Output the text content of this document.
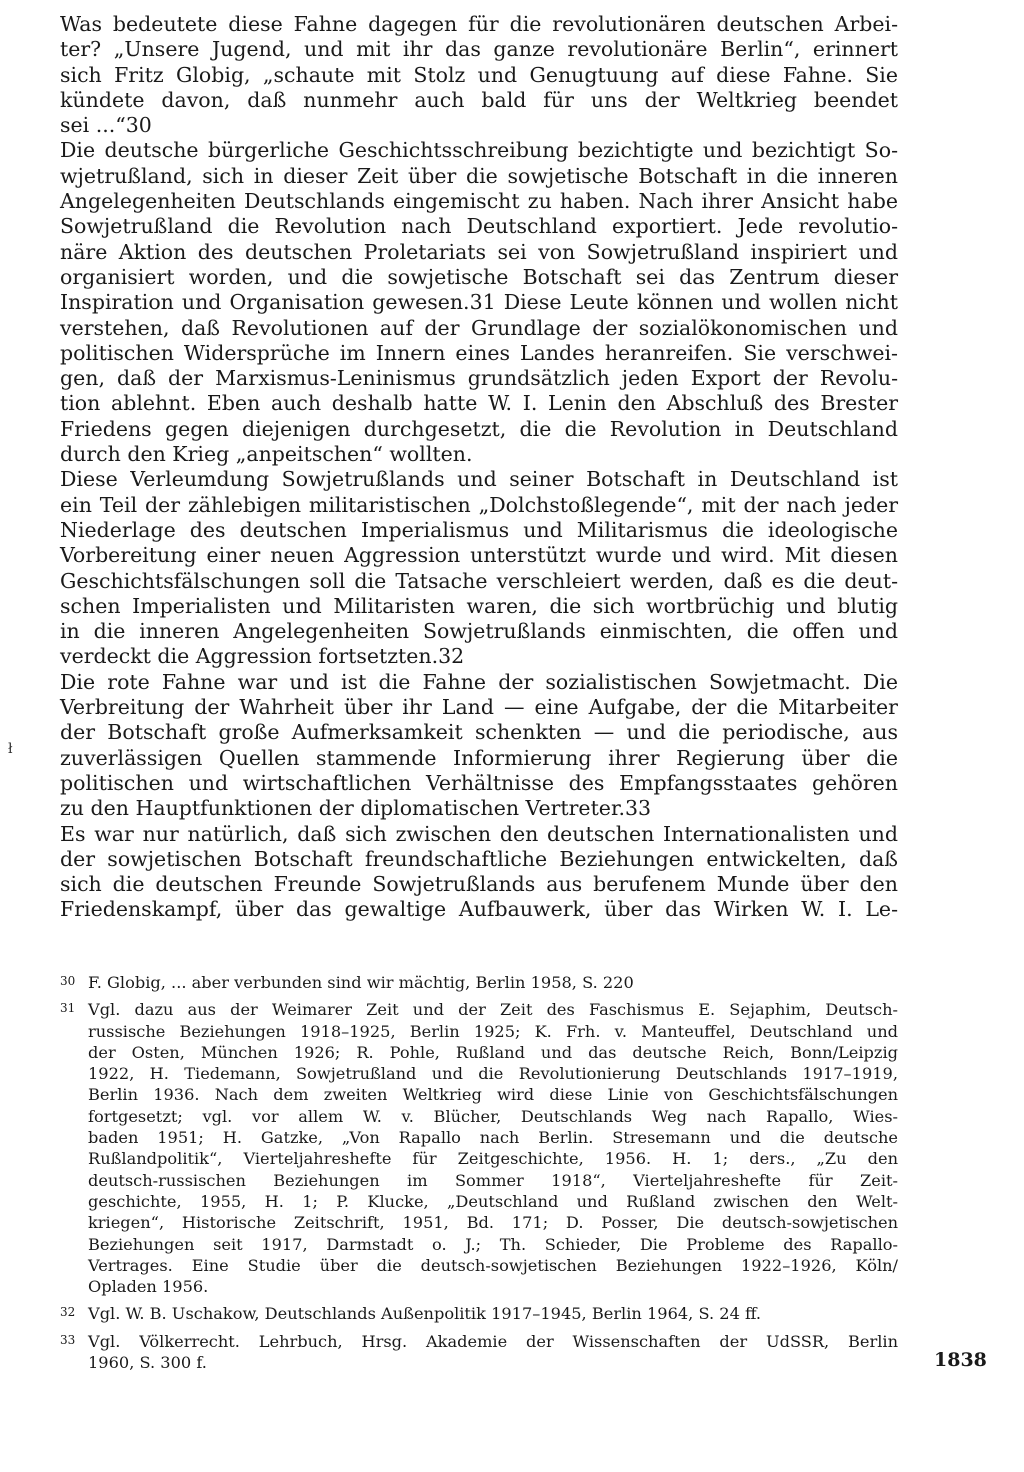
Was bedeutete diese Fahne dagegen für die revolutionären deutschen Arbei-
ter? „Unsere Jugend, und mit ihr das ganze revolutionäre Berlin“, erinnert
sich Fritz Globig, „schaute mit Stolz und Genugtuung auf diese Fahne. Sie
kündete davon, daß nunmehr auch bald für uns der Weltkrieg beendet
sei ...“30
Die deutsche bürgerliche Geschichtsschreibung bezichtigte und bezichtigt So-
wjetrußland, sich in dieser Zeit über die sowjetische Botschaft in die inneren
Angelegenheiten Deutschlands eingemischt zu haben. Nach ihrer Ansicht habe
Sowjetrußland die Revolution nach Deutschland exportiert. Jede revolutio-
näre Aktion des deutschen Proletariats sei von Sowjetrußland inspiriert und
organisiert worden, und die sowjetische Botschaft sei das Zentrum dieser
Inspiration und Organisation gewesen.31 Diese Leute können und wollen nicht
verstehen, daß Revolutionen auf der Grundlage der sozialökonomischen und
politischen Widersprüche im Innern eines Landes heranreifen. Sie verschwei-
gen, daß der Marxismus-Leninismus grundsätzlich jeden Export der Revolu-
tion ablehnt. Eben auch deshalb hatte W. I. Lenin den Abschluß des Brester
Friedens gegen diejenigen durchgesetzt, die die Revolution in Deutschland
durch den Krieg „anpeitschen“ wollten.
Diese Verleumdung Sowjetrußlands und seiner Botschaft in Deutschland ist
ein Teil der zählebigen militaristischen „Dolchstoßlegende“, mit der nach jeder
Niederlage des deutschen Imperialismus und Militarismus die ideologische
Vorbereitung einer neuen Aggression unterstützt wurde und wird. Mit diesen
Geschichtsfälschungen soll die Tatsache verschleiert werden, daß es die deut-
schen Imperialisten und Militaristen waren, die sich wortbrüchig und blutig
in die inneren Angelegenheiten Sowjetrußlands einmischten, die offen und
verdeckt die Aggression fortsetzten.32
Die rote Fahne war und ist die Fahne der sozialistischen Sowjetmacht. Die
Verbreitung der Wahrheit über ihr Land — eine Aufgabe, der die Mitarbeiter
der Botschaft große Aufmerksamkeit schenkten — und die periodische, aus
zuverlässigen Quellen stammende Informierung ihrer Regierung über die
politischen und wirtschaftlichen Verhältnisse des Empfangsstaates gehören
zu den Hauptfunktionen der diplomatischen Vertreter.33
Es war nur natürlich, daß sich zwischen den deutschen Internationalisten und
der sowjetischen Botschaft freundschaftliche Beziehungen entwickelten, daß
sich die deutschen Freunde Sowjetrußlands aus berufenem Munde über den
Friedenskampf, über das gewaltige Aufbauwerk, über das Wirken W. I. Le-
ł
30 F. Globig, ... aber verbunden sind wir mächtig, Berlin 1958, S. 220
31 Vgl. dazu aus der Weimarer Zeit und der Zeit des Faschismus E. Sejaphim, Deutsch-
russische Beziehungen 1918–1925, Berlin 1925; K. Frh. v. Manteuffel, Deutschland und
der Osten, München 1926; R. Pohle, Rußland und das deutsche Reich, Bonn/Leipzig
1922, H. Tiedemann, Sowjetrußland und die Revolutionierung Deutschlands 1917–1919,
Berlin 1936. Nach dem zweiten Weltkrieg wird diese Linie von Geschichtsfälschungen
fortgesetzt; vgl. vor allem W. v. Blücher, Deutschlands Weg nach Rapallo, Wies-
baden 1951; H. Gatzke, „Von Rapallo nach Berlin. Stresemann und die deutsche
Rußlandpolitik“, Vierteljahreshefte für Zeitgeschichte, 1956. H. 1; ders., „Zu den
deutsch-russischen Beziehungen im Sommer 1918“, Vierteljahreshefte für Zeit-
geschichte, 1955, H. 1; P. Klucke, „Deutschland und Rußland zwischen den Welt-
kriegen“, Historische Zeitschrift, 1951, Bd. 171; D. Posser, Die deutsch-sowjetischen
Beziehungen seit 1917, Darmstadt o. J.; Th. Schieder, Die Probleme des Rapallo-
Vertrages. Eine Studie über die deutsch-sowjetischen Beziehungen 1922–1926, Köln/
Opladen 1956.
32 Vgl. W. B. Uschakow, Deutschlands Außenpolitik 1917–1945, Berlin 1964, S. 24 ff.
33 Vgl. Völkerrecht. Lehrbuch, Hrsg. Akademie der Wissenschaften der UdSSR, Berlin
1960, S. 300 f.	1838
